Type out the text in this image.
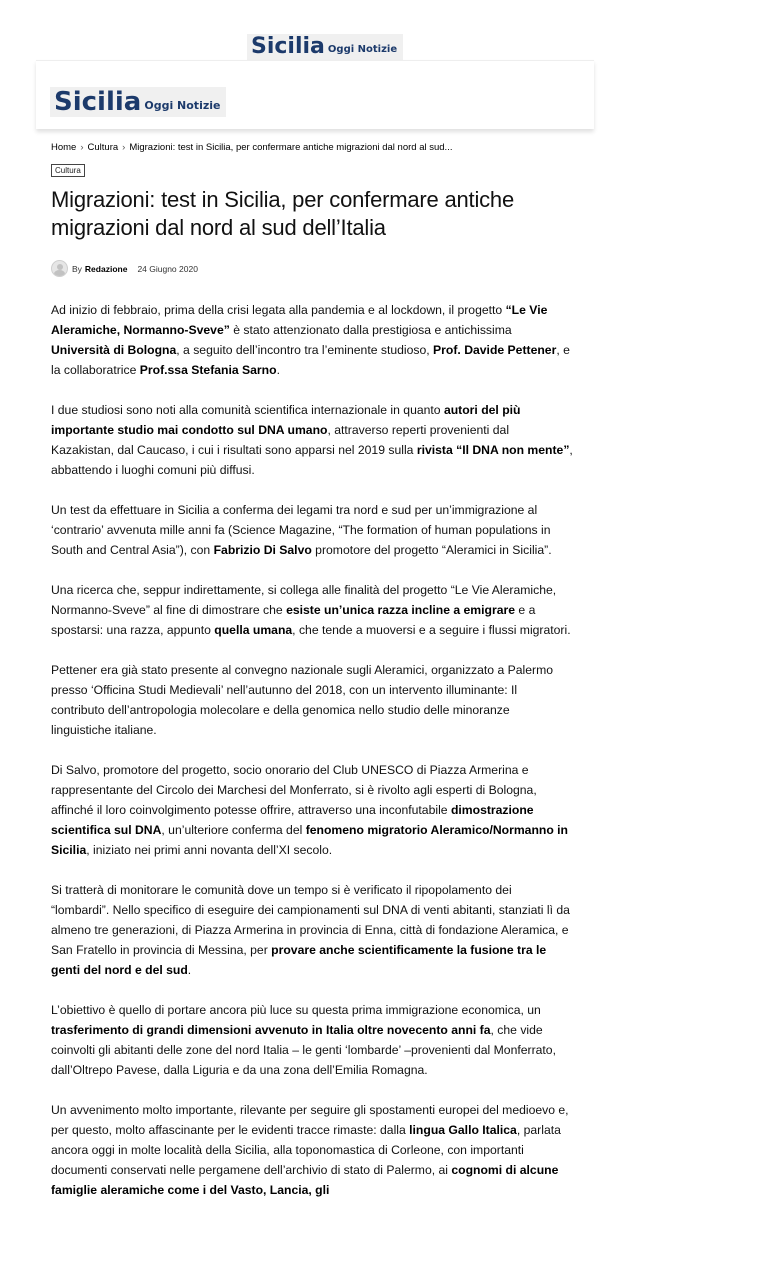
Sicilia Oggi Notizie
Sicilia Oggi Notizie
Home › Cultura › Migrazioni: test in Sicilia, per confermare antiche migrazioni dal nord al sud...
Cultura
Migrazioni: test in Sicilia, per confermare antiche migrazioni dal nord al sud dell’Italia
By Redazione 24 Giugno 2020

Ad inizio di febbraio, prima della crisi legata alla pandemia e al lockdown, il progetto “Le Vie Aleramiche, Normanno-Sveve” è stato attenzionato dalla prestigiosa e antichissima Università di Bologna, a seguito dell’incontro tra l’eminente studioso, Prof. Davide Pettener, e la collaboratrice Prof.ssa Stefania Sarno.

I due studiosi sono noti alla comunità scientifica internazionale in quanto autori del più importante studio mai condotto sul DNA umano, attraverso reperti provenienti dal Kazakistan, dal Caucaso, i cui i risultati sono apparsi nel 2019 sulla rivista “Il DNA non mente”, abbattendo i luoghi comuni più diffusi.

Un test da effettuare in Sicilia a conferma dei legami tra nord e sud per un’immigrazione al ‘contrario’ avvenuta mille anni fa (Science Magazine, “The formation of human populations in South and Central Asia”), con Fabrizio Di Salvo promotore del progetto “Aleramici in Sicilia”.

Una ricerca che, seppur indirettamente, si collega alle finalità del progetto “Le Vie Aleramiche, Normanno-Sveve” al fine di dimostrare che esiste un’unica razza incline a emigrare e a spostarsi: una razza, appunto quella umana, che tende a muoversi e a seguire i flussi migratori.

Pettener era già stato presente al convegno nazionale sugli Aleramici, organizzato a Palermo presso ‘Officina Studi Medievali’ nell’autunno del 2018, con un intervento illuminante: Il contributo dell’antropologia molecolare e della genomica nello studio delle minoranze linguistiche italiane.

Di Salvo, promotore del progetto, socio onorario del Club UNESCO di Piazza Armerina e rappresentante del Circolo dei Marchesi del Monferrato, si è rivolto agli esperti di Bologna, affinché il loro coinvolgimento potesse offrire, attraverso una inconfutabile dimostrazione scientifica sul DNA, un’ulteriore conferma del fenomeno migratorio Aleramico/Normanno in Sicilia, iniziato nei primi anni novanta dell’XI secolo.

Si tratterà di monitorare le comunità dove un tempo si è verificato il ripopolamento dei “lombardi”. Nello specifico di eseguire dei campionamenti sul DNA di venti abitanti, stanziati lì da almeno tre generazioni, di Piazza Armerina in provincia di Enna, città di fondazione Aleramica, e San Fratello in provincia di Messina, per provare anche scientificamente la fusione tra le genti del nord e del sud.

L’obiettivo è quello di portare ancora più luce su questa prima immigrazione economica, un trasferimento di grandi dimensioni avvenuto in Italia oltre novecento anni fa, che vide coinvolti gli abitanti delle zone del nord Italia – le genti ‘lombarde’ –provenienti dal Monferrato, dall’Oltrepo Pavese, dalla Liguria e da una zona dell’Emilia Romagna.

Un avvenimento molto importante, rilevante per seguire gli spostamenti europei del medioevo e, per questo, molto affascinante per le evidenti tracce rimaste: dalla lingua Gallo Italica, parlata ancora oggi in molte località della Sicilia, alla toponomastica di Corleone, con importanti documenti conservati nelle pergamene dell’archivio di stato di Palermo, ai cognomi di alcune famiglie aleramiche come i del Vasto, Lancia, gli
